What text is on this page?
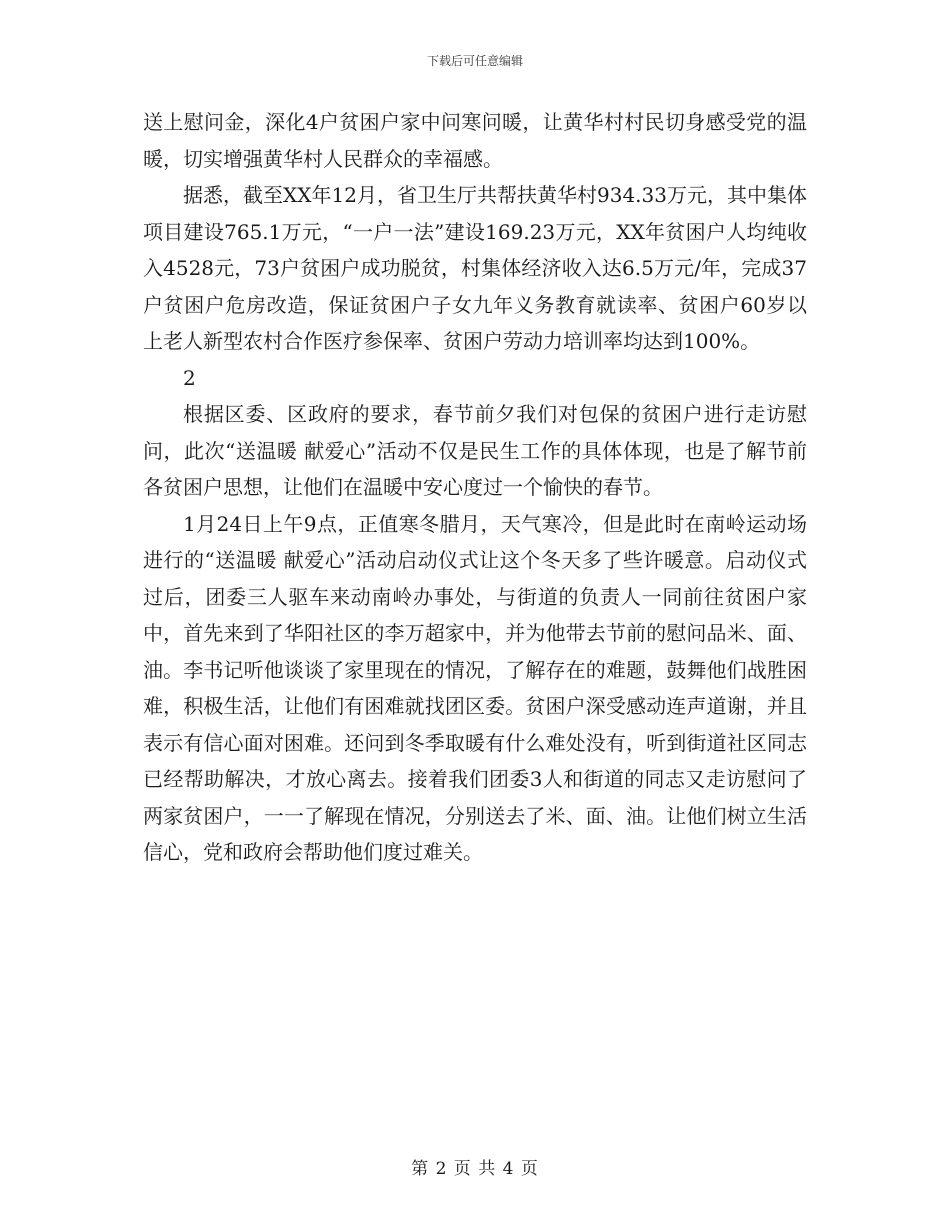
下载后可任意编辑

送上慰问金，深化4户贫困户家中问寒问暖，让黄华村村民切身感受党的温暖，切实增强黄华村人民群众的幸福感。

据悉，截至XX年12月，省卫生厅共帮扶黄华村934.33万元，其中集体项目建设765.1万元，“一户一法”建设169.23万元，XX年贫困户人均纯收入4528元，73户贫困户成功脱贫，村集体经济收入达6.5万元/年，完成37户贫困户危房改造，保证贫困户子女九年义务教育就读率、贫困户60岁以上老人新型农村合作医疗参保率、贫困户劳动力培训率均达到100%。

2

根据区委、区政府的要求，春节前夕我们对包保的贫困户进行走访慰问，此次“送温暖 献爱心”活动不仅是民生工作的具体体现，也是了解节前各贫困户思想，让他们在温暖中安心度过一个愉快的春节。

1月24日上午9点，正值寒冬腊月，天气寒冷，但是此时在南岭运动场进行的“送温暖 献爱心”活动启动仪式让这个冬天多了些许暖意。启动仪式过后，团委三人驱车来动南岭办事处，与街道的负责人一同前往贫困户家中，首先来到了华阳社区的李万超家中，并为他带去节前的慰问品米、面、油。李书记听他谈谈了家里现在的情况，了解存在的难题，鼓舞他们战胜困难，积极生活，让他们有困难就找团区委。贫困户深受感动连声道谢，并且表示有信心面对困难。还问到冬季取暖有什么难处没有，听到街道社区同志已经帮助解决，才放心离去。接着我们团委3人和街道的同志又走访慰问了两家贫困户，一一了解现在情况，分别送去了米、面、油。让他们树立生活信心，党和政府会帮助他们度过难关。

第 2 页 共 4 页
